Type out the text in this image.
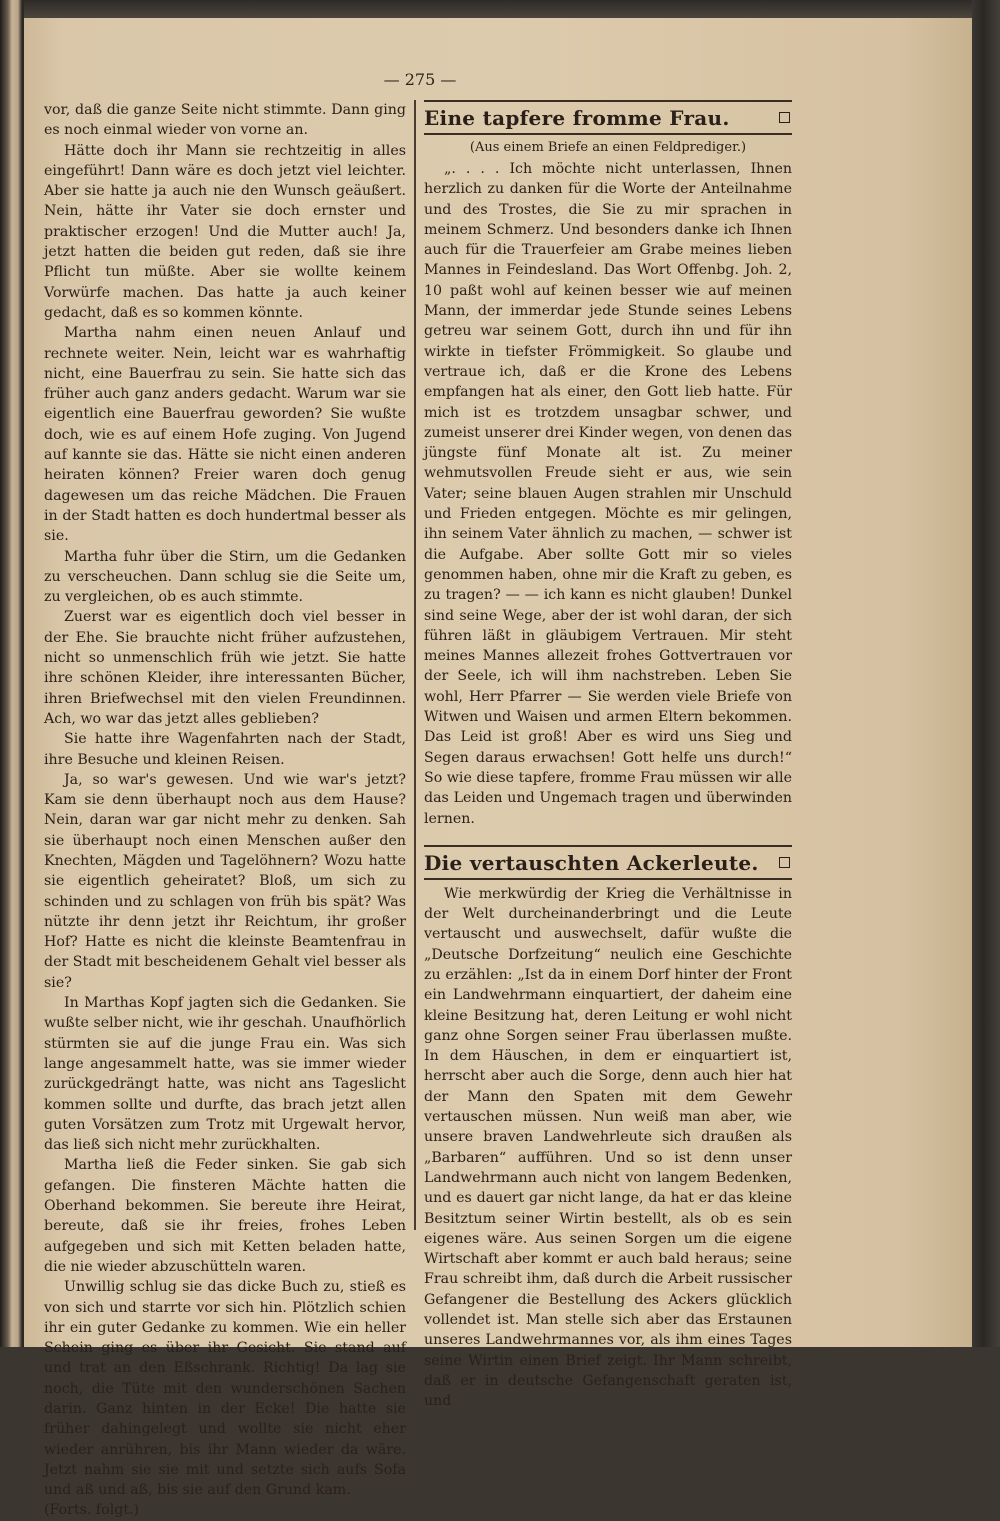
— 275 —

vor, daß die ganze Seite nicht stimmte. Dann ging es noch einmal wieder von vorne an.

Hätte doch ihr Mann sie rechtzeitig in alles eingeführt! Dann wäre es doch jetzt viel leichter. Aber sie hatte ja auch nie den Wunsch geäußert. Nein, hätte ihr Vater sie doch ernster und praktischer erzogen! Und die Mutter auch! Ja, jetzt hatten die beiden gut reden, daß sie ihre Pflicht tun müßte. Aber sie wollte keinem Vorwürfe machen. Das hatte ja auch keiner gedacht, daß es so kommen könnte.

Martha nahm einen neuen Anlauf und rechnete weiter. Nein, leicht war es wahrhaftig nicht, eine Bauerfrau zu sein. Sie hatte sich das früher auch ganz anders gedacht. Warum war sie eigentlich eine Bauerfrau geworden? Sie wußte doch, wie es auf einem Hofe zuging. Von Jugend auf kannte sie das. Hätte sie nicht einen anderen heiraten können? Freier waren doch genug dagewesen um das reiche Mädchen. Die Frauen in der Stadt hatten es doch hundertmal besser als sie.

Martha fuhr über die Stirn, um die Gedanken zu verscheuchen. Dann schlug sie die Seite um, zu vergleichen, ob es auch stimmte.

Zuerst war es eigentlich doch viel besser in der Ehe. Sie brauchte nicht früher aufzustehen, nicht so unmenschlich früh wie jetzt. Sie hatte ihre schönen Kleider, ihre interessanten Bücher, ihren Briefwechsel mit den vielen Freundinnen. Ach, wo war das jetzt alles geblieben?

Sie hatte ihre Wagenfahrten nach der Stadt, ihre Besuche und kleinen Reisen.

Ja, so war's gewesen. Und wie war's jetzt? Kam sie denn überhaupt noch aus dem Hause? Nein, daran war gar nicht mehr zu denken. Sah sie überhaupt noch einen Menschen außer den Knechten, Mägden und Tagelöhnern? Wozu hatte sie eigentlich geheiratet? Bloß, um sich zu schinden und zu schlagen von früh bis spät? Was nützte ihr denn jetzt ihr Reichtum, ihr großer Hof? Hatte es nicht die kleinste Beamtenfrau in der Stadt mit bescheidenem Gehalt viel besser als sie?

In Marthas Kopf jagten sich die Gedanken. Sie wußte selber nicht, wie ihr geschah. Unaufhörlich stürmten sie auf die junge Frau ein. Was sich lange angesammelt hatte, was sie immer wieder zurückgedrängt hatte, was nicht ans Tageslicht kommen sollte und durfte, das brach jetzt allen guten Vorsätzen zum Trotz mit Urgewalt hervor, das ließ sich nicht mehr zurückhalten.

Martha ließ die Feder sinken. Sie gab sich gefangen. Die finsteren Mächte hatten die Oberhand bekommen. Sie bereute ihre Heirat, bereute, daß sie ihr freies, frohes Leben aufgegeben und sich mit Ketten beladen hatte, die nie wieder abzuschütteln waren.

Unwillig schlug sie das dicke Buch zu, stieß es von sich und starrte vor sich hin. Plötzlich schien ihr ein guter Gedanke zu kommen. Wie ein heller Schein ging es über ihr Gesicht. Sie stand auf und trat an den Eßschrank. Richtig! Da lag sie noch, die Tüte mit den wunderschönen Sachen darin. Ganz hinten in der Ecke! Die hatte sie früher dahingelegt und wollte sie nicht eher wieder anrühren, bis ihr Mann wieder da wäre. Jetzt nahm sie sie mit und setzte sich aufs Sofa und aß und aß, bis sie auf den Grund kam.

(Forts. folgt.)

Eine tapfere fromme Frau.
(Aus einem Briefe an einen Feldprediger.)

„. . . . Ich möchte nicht unterlassen, Ihnen herzlich zu danken für die Worte der Anteilnahme und des Trostes, die Sie zu mir sprachen in meinem Schmerz. Und besonders danke ich Ihnen auch für die Trauerfeier am Grabe meines lieben Mannes in Feindesland. Das Wort Offenbg. Joh. 2, 10 paßt wohl auf keinen besser wie auf meinen Mann, der immerdar jede Stunde seines Lebens getreu war seinem Gott, durch ihn und für ihn wirkte in tiefster Frömmigkeit. So glaube und vertraue ich, daß er die Krone des Lebens empfangen hat als einer, den Gott lieb hatte. Für mich ist es trotzdem unsagbar schwer, und zumeist unserer drei Kinder wegen, von denen das jüngste fünf Monate alt ist. Zu meiner wehmutsvollen Freude sieht er aus, wie sein Vater; seine blauen Augen strahlen mir Unschuld und Frieden entgegen. Möchte es mir gelingen, ihn seinem Vater ähnlich zu machen, — schwer ist die Aufgabe. Aber sollte Gott mir so vieles genommen haben, ohne mir die Kraft zu geben, es zu tragen? — — ich kann es nicht glauben! Dunkel sind seine Wege, aber der ist wohl daran, der sich führen läßt in gläubigem Vertrauen. Mir steht meines Mannes allezeit frohes Gottvertrauen vor der Seele, ich will ihm nachstreben. Leben Sie wohl, Herr Pfarrer — Sie werden viele Briefe von Witwen und Waisen und armen Eltern bekommen. Das Leid ist groß! Aber es wird uns Sieg und Segen daraus erwachsen! Gott helfe uns durch!“ So wie diese tapfere, fromme Frau müssen wir alle das Leiden und Ungemach tragen und überwinden lernen.

Die vertauschten Ackerleute.

Wie merkwürdig der Krieg die Verhältnisse in der Welt durcheinanderbringt und die Leute vertauscht und auswechselt, dafür wußte die „Deutsche Dorfzeitung“ neulich eine Geschichte zu erzählen: „Ist da in einem Dorf hinter der Front ein Landwehrmann einquartiert, der daheim eine kleine Besitzung hat, deren Leitung er wohl nicht ganz ohne Sorgen seiner Frau überlassen mußte. In dem Häuschen, in dem er einquartiert ist, herrscht aber auch die Sorge, denn auch hier hat der Mann den Spaten mit dem Gewehr vertauschen müssen. Nun weiß man aber, wie unsere braven Landwehrleute sich draußen als „Barbaren“ aufführen. Und so ist denn unser Landwehrmann auch nicht von langem Bedenken, und es dauert gar nicht lange, da hat er das kleine Besitztum seiner Wirtin bestellt, als ob es sein eigenes wäre. Aus seinen Sorgen um die eigene Wirtschaft aber kommt er auch bald heraus; seine Frau schreibt ihm, daß durch die Arbeit russischer Gefangener die Bestellung des Ackers glücklich vollendet ist. Man stelle sich aber das Erstaunen unseres Landwehrmannes vor, als ihm eines Tages seine Wirtin einen Brief zeigt. Ihr Mann schreibt, daß er in deutsche Gefangenschaft geraten ist, und
